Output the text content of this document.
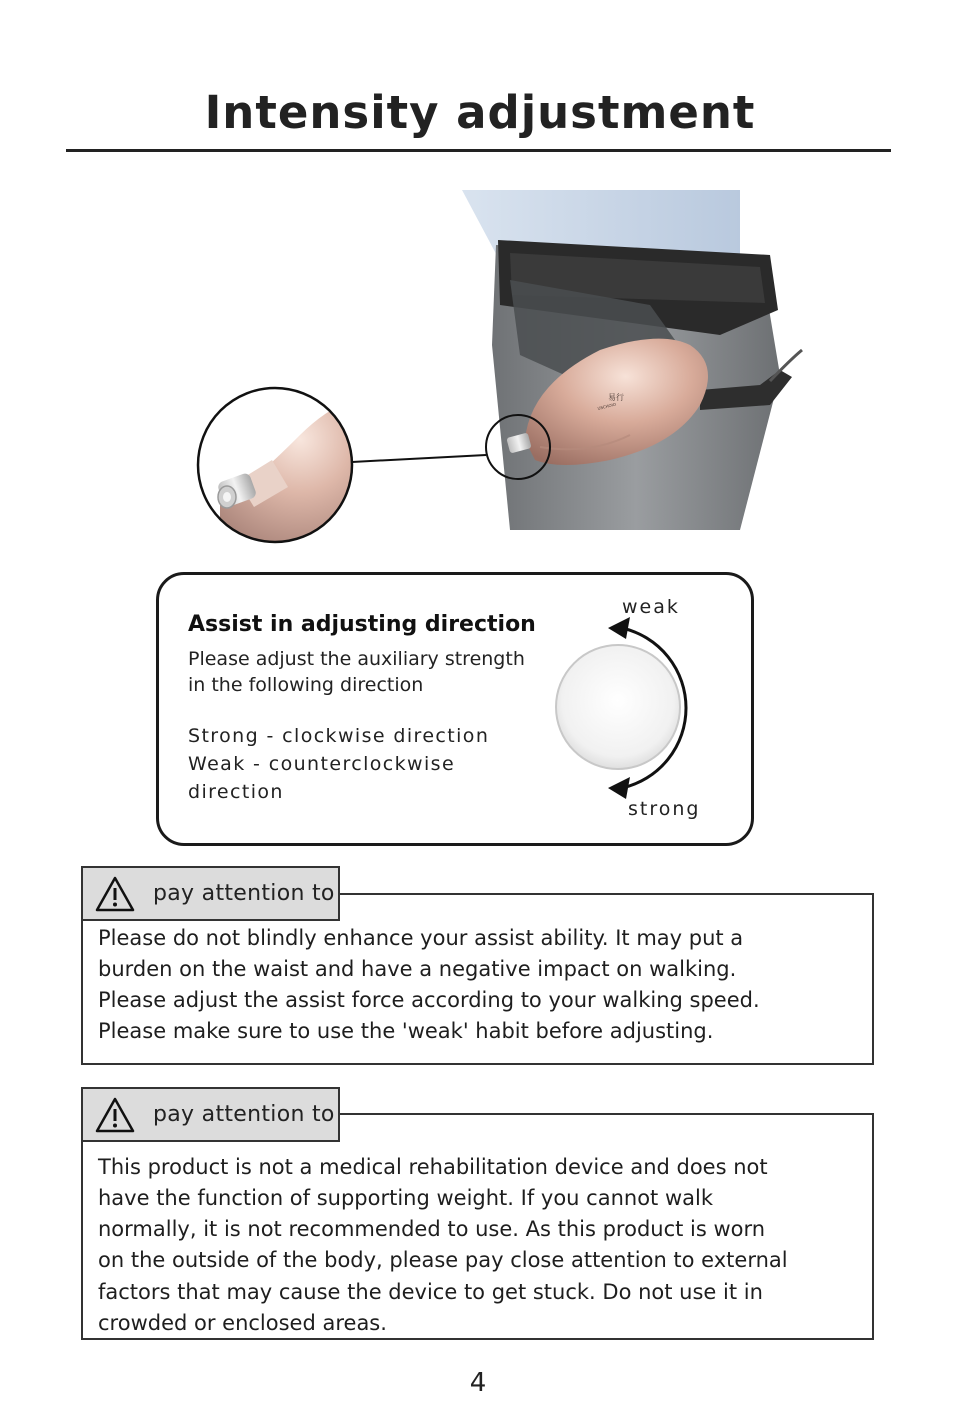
Intensity adjustment
易行
USCHOIO
Assist in adjusting direction
Please adjust the auxiliary strength
in the following direction
Strong - clockwise direction
Weak - counterclockwise
direction
weak
strong
pay attention to
Please do not blindly enhance your assist ability. It may put a
burden on the waist and have a negative impact on walking.
Please adjust the assist force according to your walking speed.
Please make sure to use the 'weak' habit before adjusting.
pay attention to
This product is not a medical rehabilitation device and does not
have the function of supporting weight. If you cannot walk
normally, it is not recommended to use. As this product is worn
on the outside of the body, please pay close attention to external
factors that may cause the device to get stuck. Do not use it in
crowded or enclosed areas.
4
